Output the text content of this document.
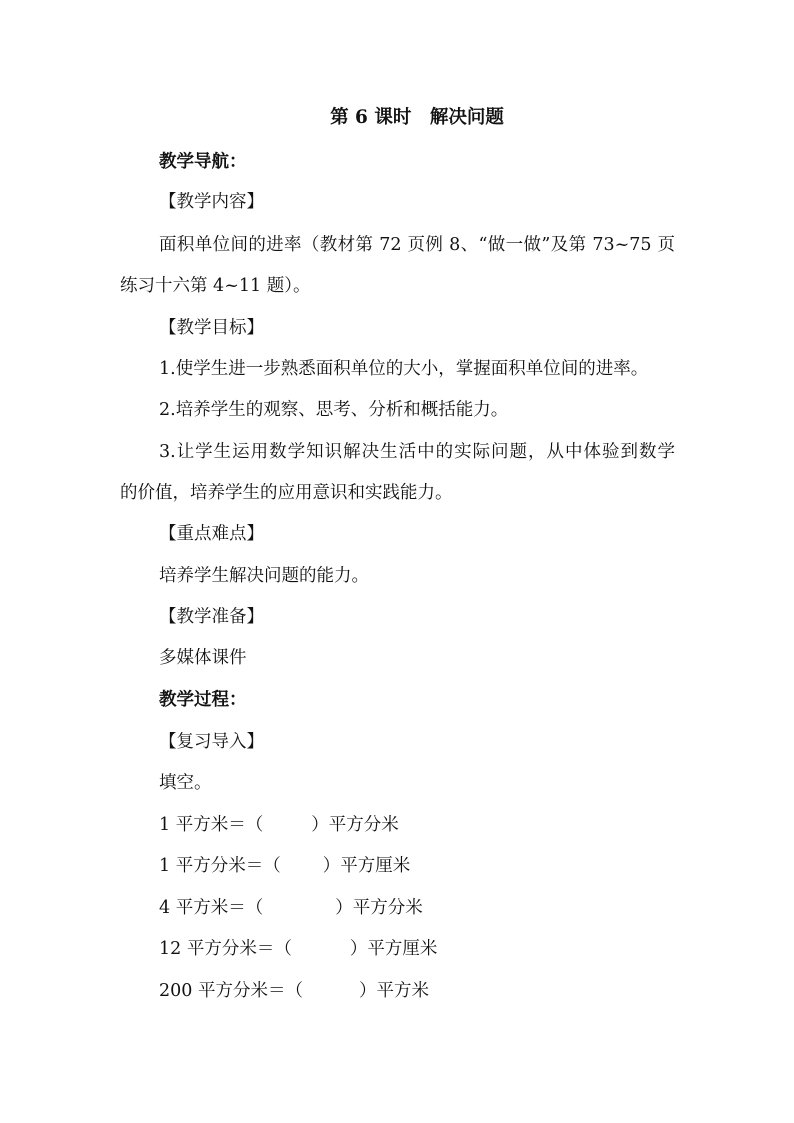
第 6 课时　解决问题
教学导航：
【教学内容】
面积单位间的进率（教材第 72 页例 8、“做一做”及第 73~75 页
练习十六第 4~11 题）。
【教学目标】
1.使学生进一步熟悉面积单位的大小，掌握面积单位间的进率。
2.培养学生的观察、思考、分析和概括能力。
3.让学生运用数学知识解决生活中的实际问题，从中体验到数学
的价值，培养学生的应用意识和实践能力。
【重点难点】
培养学生解决问题的能力。
【教学准备】
多媒体课件
教学过程：
【复习导入】
填空。
1 平方米＝（	）平方分米
1 平方分米＝（ ）平方厘米
4 平方米＝（	）平方分米
12 平方分米＝（	）平方厘米
200 平方分米＝（	）平方米
